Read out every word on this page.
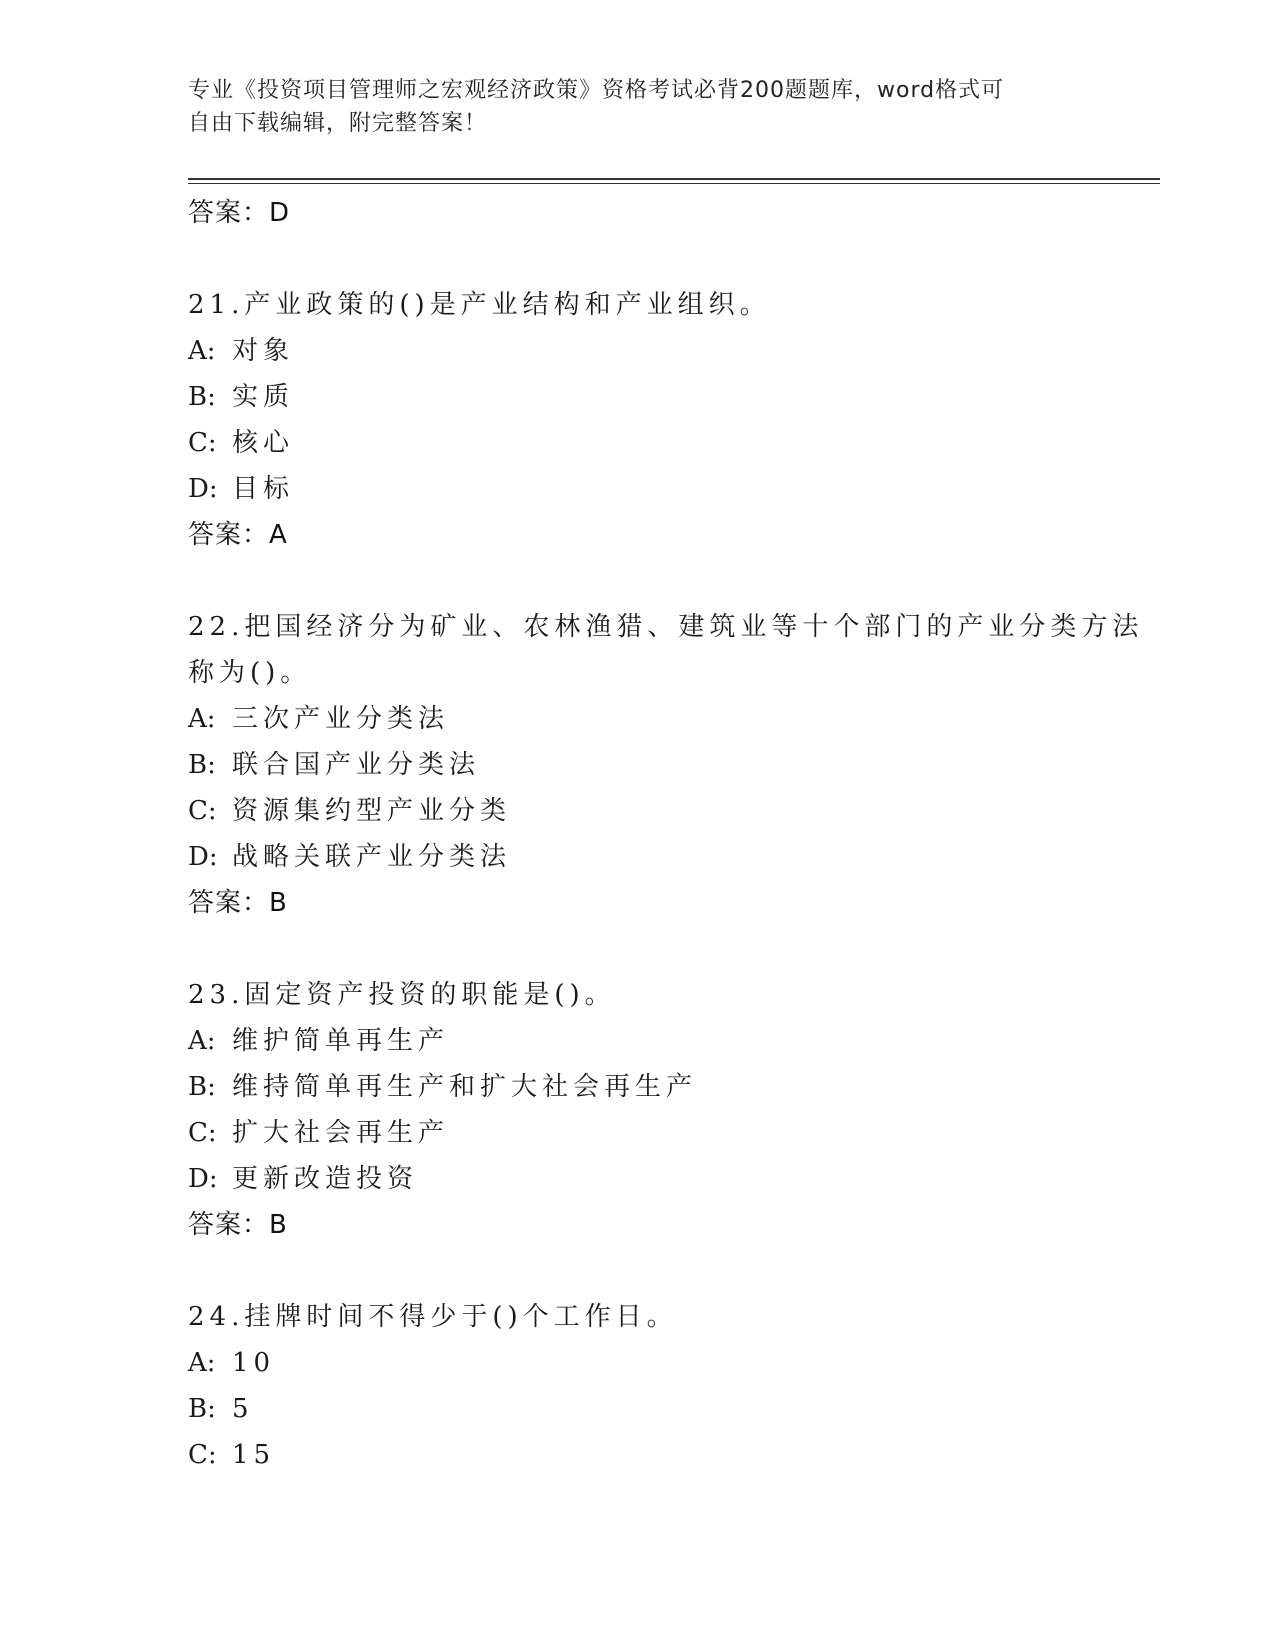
专业《投资项目管理师之宏观经济政策》资格考试必背200题题库，word格式可
自由下载编辑，附完整答案！
答案：D
21.产业政策的()是产业结构和产业组织。
A: 对象
B: 实质
C: 核心
D: 目标
答案：A
22.把国经济分为矿业、农林渔猎、建筑业等十个部门的产业分类方法
称为()。
A: 三次产业分类法
B: 联合国产业分类法
C: 资源集约型产业分类
D: 战略关联产业分类法
答案：B
23.固定资产投资的职能是()。
A: 维护简单再生产
B: 维持简单再生产和扩大社会再生产
C: 扩大社会再生产
D: 更新改造投资
答案：B
24.挂牌时间不得少于()个工作日。
A: 10
B: 5
C: 15
